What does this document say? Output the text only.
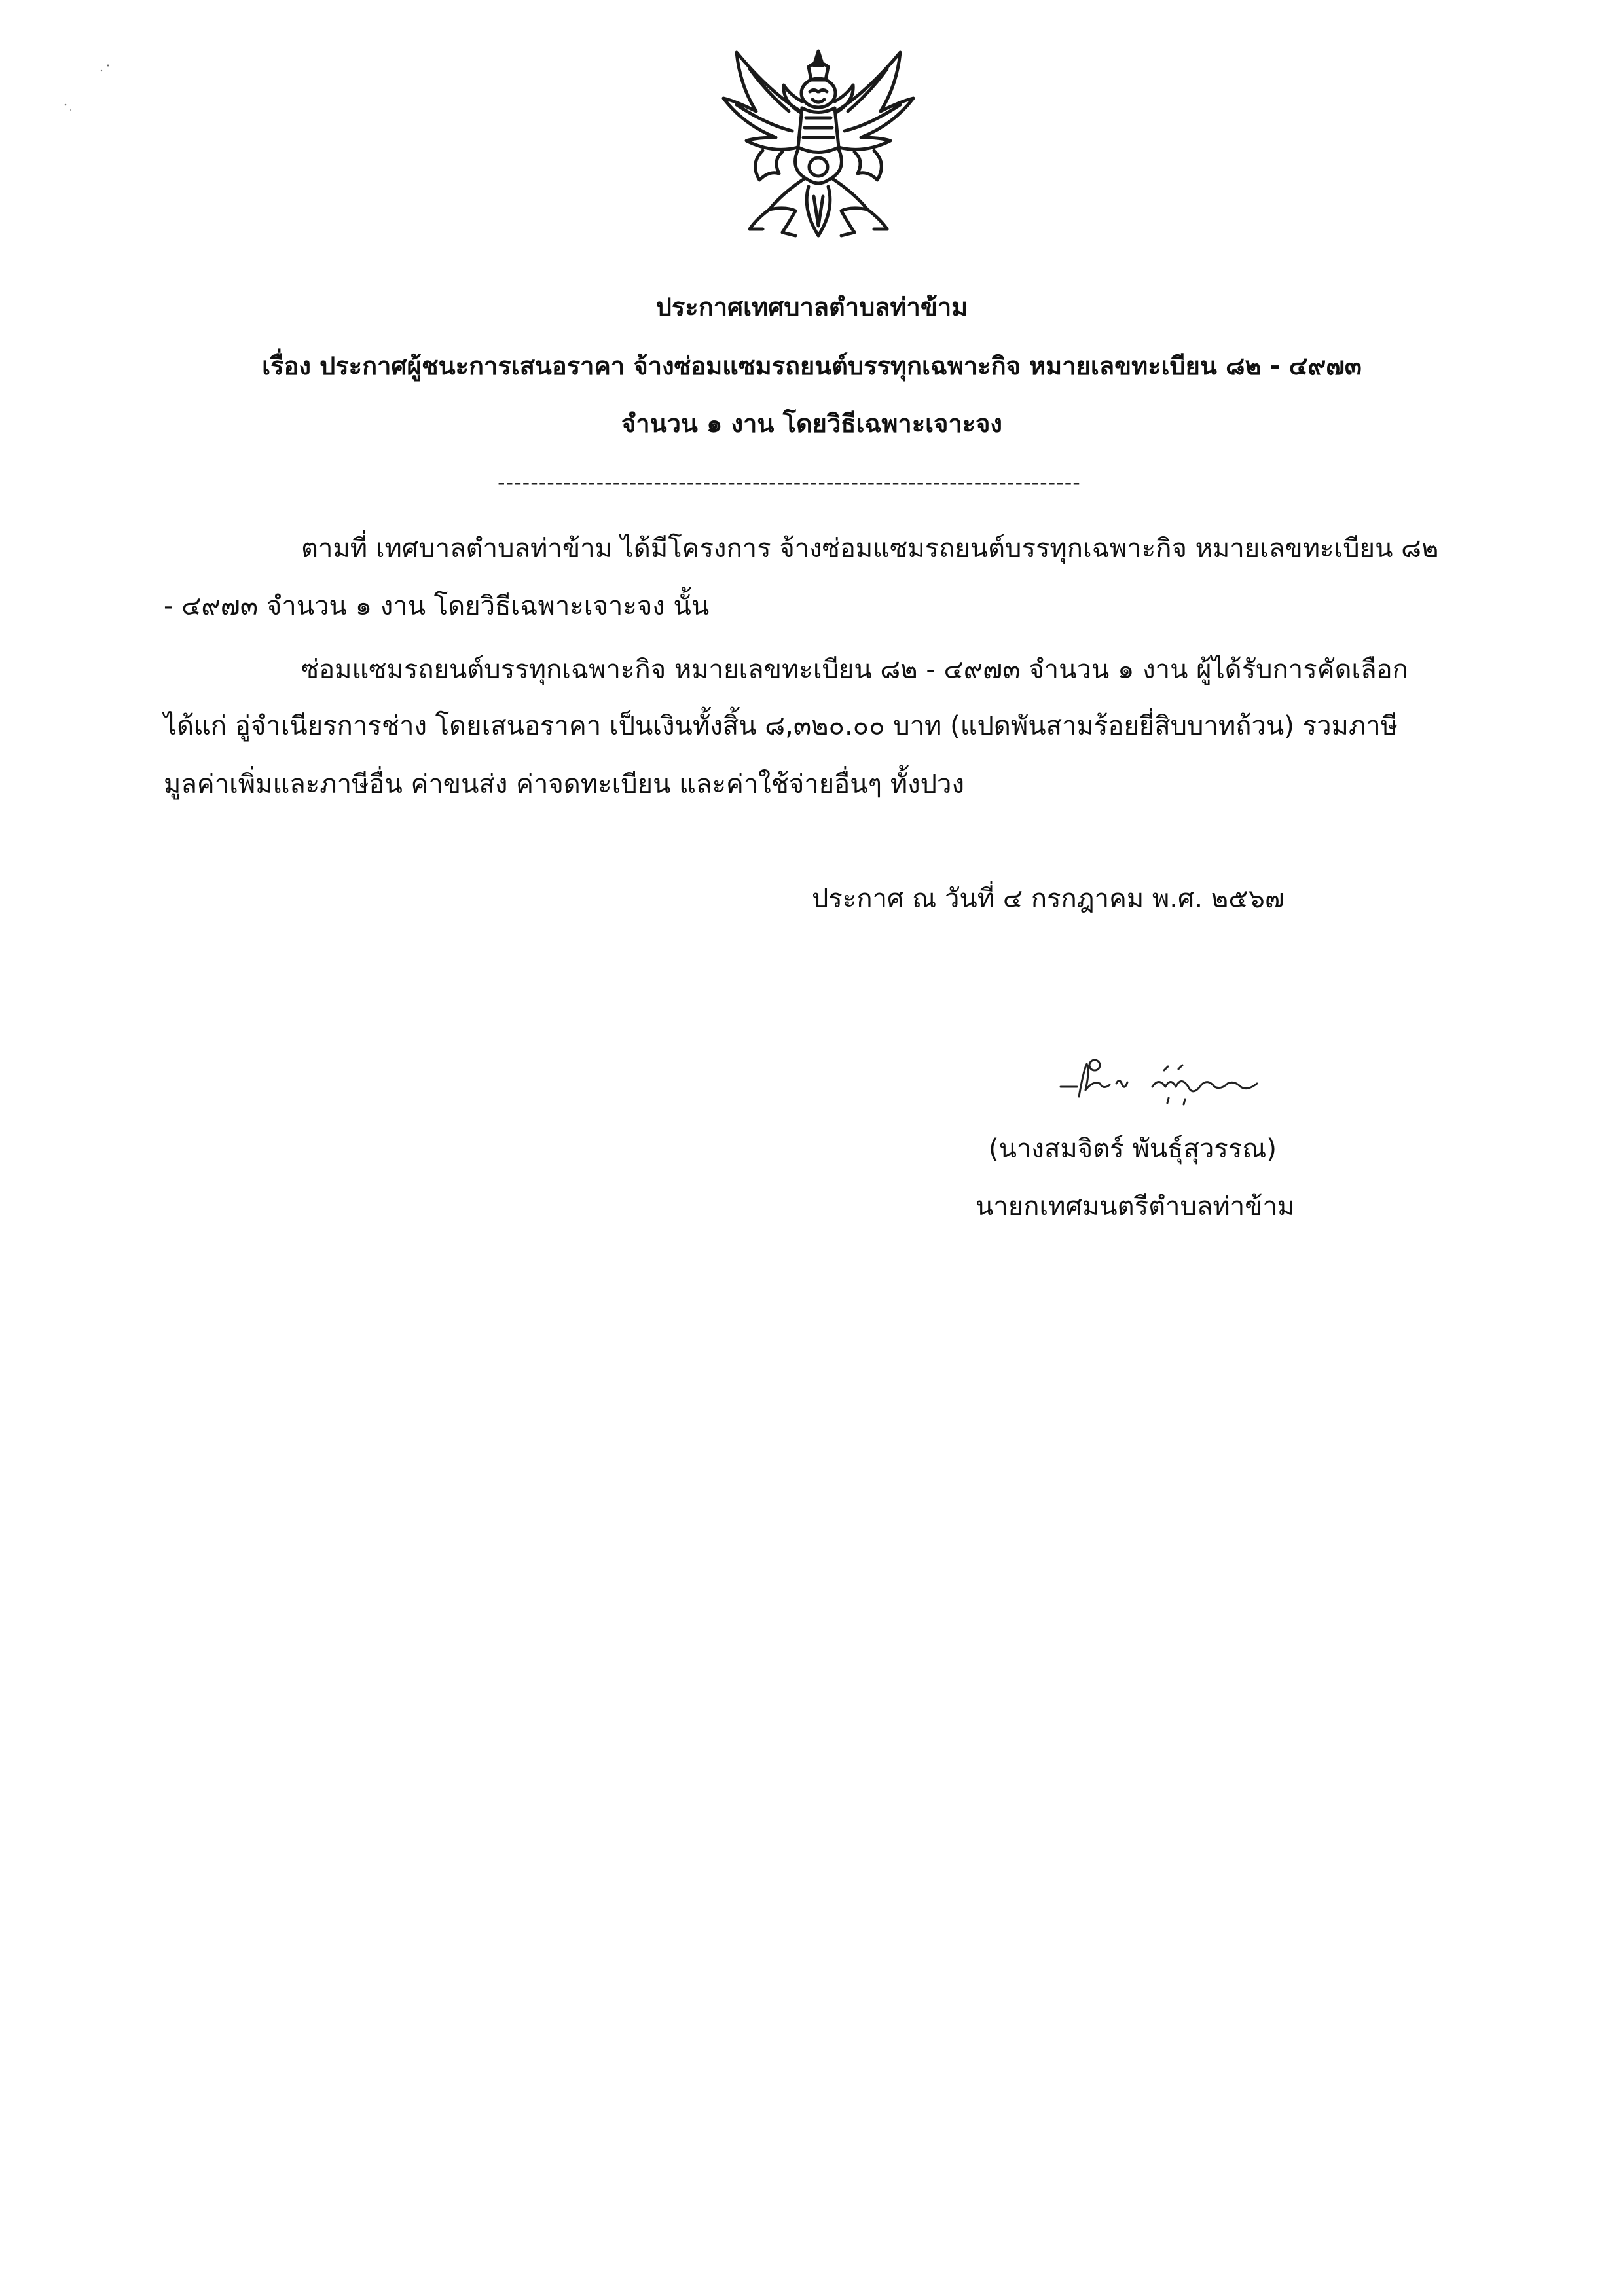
ประกาศเทศบาลตำบลท่าข้าม
เรื่อง ประกาศผู้ชนะการเสนอราคา จ้างซ่อมแซมรถยนต์บรรทุกเฉพาะกิจ หมายเลขทะเบียน ๘๒ - ๔๙๗๓
จำนวน ๑ งาน โดยวิธีเฉพาะเจาะจง
-----------------------------------------------------------------------
ตามที่ เทศบาลตำบลท่าข้าม ได้มีโครงการ จ้างซ่อมแซมรถยนต์บรรทุกเฉพาะกิจ หมายเลขทะเบียน ๘๒
- ๔๙๗๓ จำนวน ๑ งาน โดยวิธีเฉพาะเจาะจง นั้น
ซ่อมแซมรถยนต์บรรทุกเฉพาะกิจ หมายเลขทะเบียน ๘๒ - ๔๙๗๓ จำนวน ๑ งาน ผู้ได้รับการคัดเลือก
ได้แก่ อู่จำเนียรการช่าง โดยเสนอราคา เป็นเงินทั้งสิ้น ๘,๓๒๐.๐๐ บาท (แปดพันสามร้อยยี่สิบบาทถ้วน) รวมภาษี
มูลค่าเพิ่มและภาษีอื่น ค่าขนส่ง ค่าจดทะเบียน และค่าใช้จ่ายอื่นๆ ทั้งปวง
ประกาศ ณ วันที่ ๔ กรกฎาคม พ.ศ. ๒๕๖๗
(นางสมจิตร์ พันธุ์สุวรรณ)
นายกเทศมนตรีตำบลท่าข้าม
